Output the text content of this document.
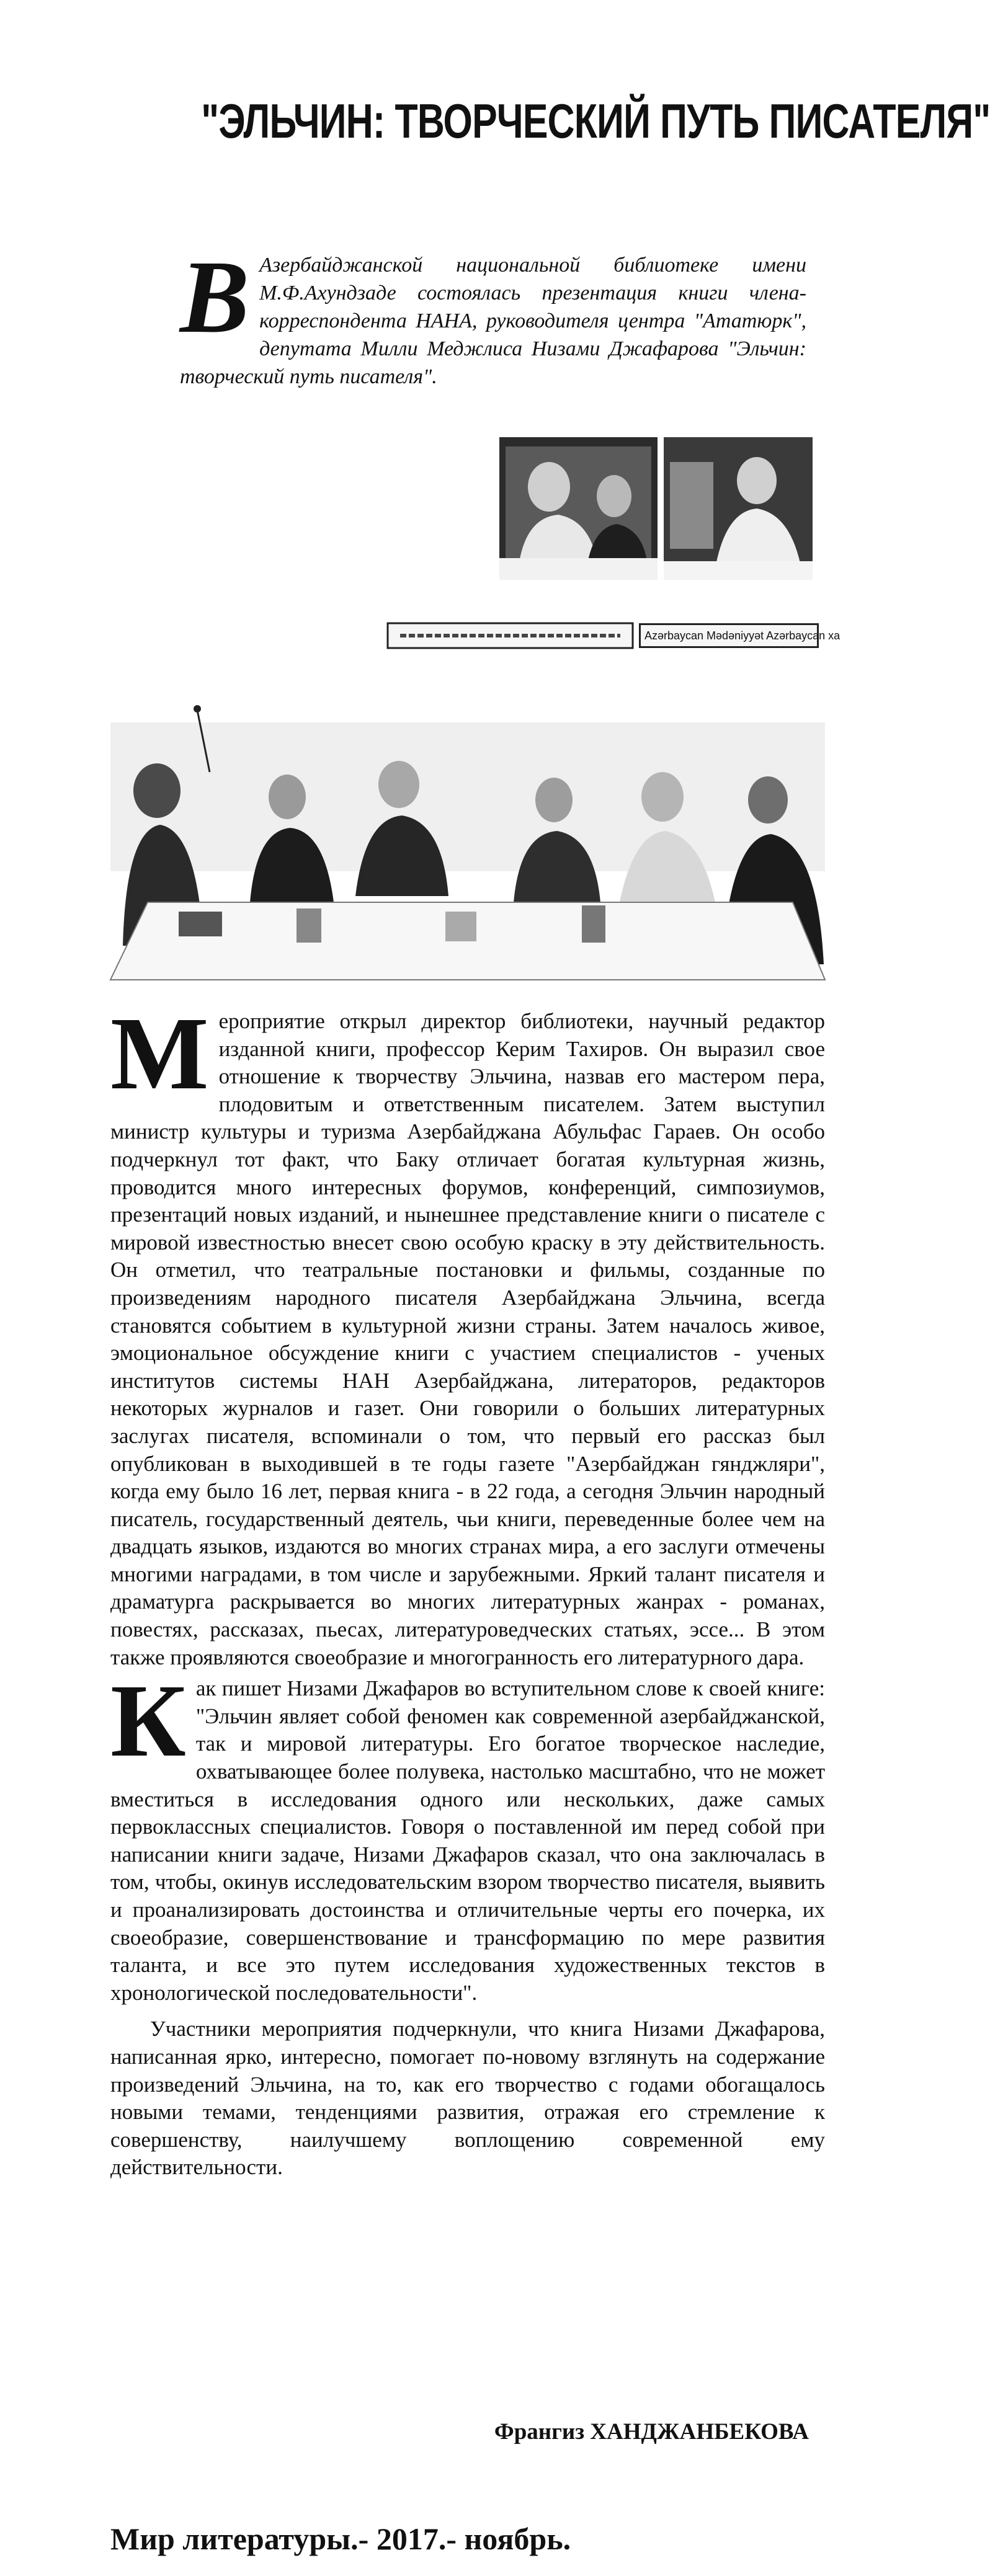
"ЭЛЬЧИН: ТВОРЧЕСКИЙ ПУТЬ ПИСАТЕЛЯ"
В Азербайджанской национальной библиотеке имени М.Ф.Ахундзаде состоялась презентация книги члена-корреспондента НАНА, руководителя центра "Ататюрк", депутата Милли Меджлиса Низами Джафарова "Эльчин: творческий путь писателя".
Azərbaycan Mədəniyyət Azərbaycan xa

Мероприятие открыл директор библиотеки, научный редактор изданной книги, профессор Керим Тахиров. Он выразил свое отношение к творчеству Эльчина, назвав его мастером пера, плодовитым и ответственным писателем. Затем выступил министр культуры и туризма Азербайджана Абульфас Гараев. Он особо подчеркнул тот факт, что Баку отличает богатая культурная жизнь, проводится много интересных форумов, конференций, симпозиумов, презентаций новых изданий, и нынешнее представление книги о писателе с мировой известностью внесет свою особую краску в эту действительность. Он отметил, что театральные постановки и фильмы, созданные по произведениям народного писателя Азербайджана Эльчина, всегда становятся событием в культурной жизни страны. Затем началось живое, эмоциональное обсуждение книги с участием специалистов - ученых институтов системы НАН Азербайджана, литераторов, редакторов некоторых журналов и газет. Они говорили о больших литературных заслугах писателя, вспоминали о том, что первый его рассказ был опубликован в выходившей в те годы газете "Азербайджан гянджляри", когда ему было 16 лет, первая книга - в 22 года, а сегодня Эльчин народный писатель, государственный деятель, чьи книги, переведенные более чем на двадцать языков, издаются во многих странах мира, а его заслуги отмечены многими наградами, в том числе и зарубежными. Яркий талант писателя и драматурга раскрывается во многих литературных жанрах - романах, повестях, рассказах, пьесах, литературоведческих статьях, эссе... В этом также проявляются своеобразие и многогранность его литературного дара.

Как пишет Низами Джафаров во вступительном слове к своей книге: "Эльчин являет собой феномен как современной азербайджанской, так и мировой литературы. Его богатое творческое наследие, охватывающее более полувека, настолько масштабно, что не может вместиться в исследования одного или нескольких, даже самых первоклассных специалистов. Говоря о поставленной им перед собой при написании книги задаче, Низами Джафаров сказал, что она заключалась в том, чтобы, окинув исследовательским взором творчество писателя, выявить и проанализировать достоинства и отличительные черты его почерка, их своеобразие, совершенствование и трансформацию по мере развития таланта, и все это путем исследования художественных текстов в хронологической последовательности".

Участники мероприятия подчеркнули, что книга Низами Джафарова, написанная ярко, интересно, помогает по-новому взглянуть на содержание произведений Эльчина, на то, как его творчество с годами обогащалось новыми темами, тенденциями развития, отражая его стремление к совершенству, наилучшему воплощению современной ему действительности.

Франгиз ХАНДЖАНБЕКОВА
Мир литературы.- 2017.- ноябрь.
